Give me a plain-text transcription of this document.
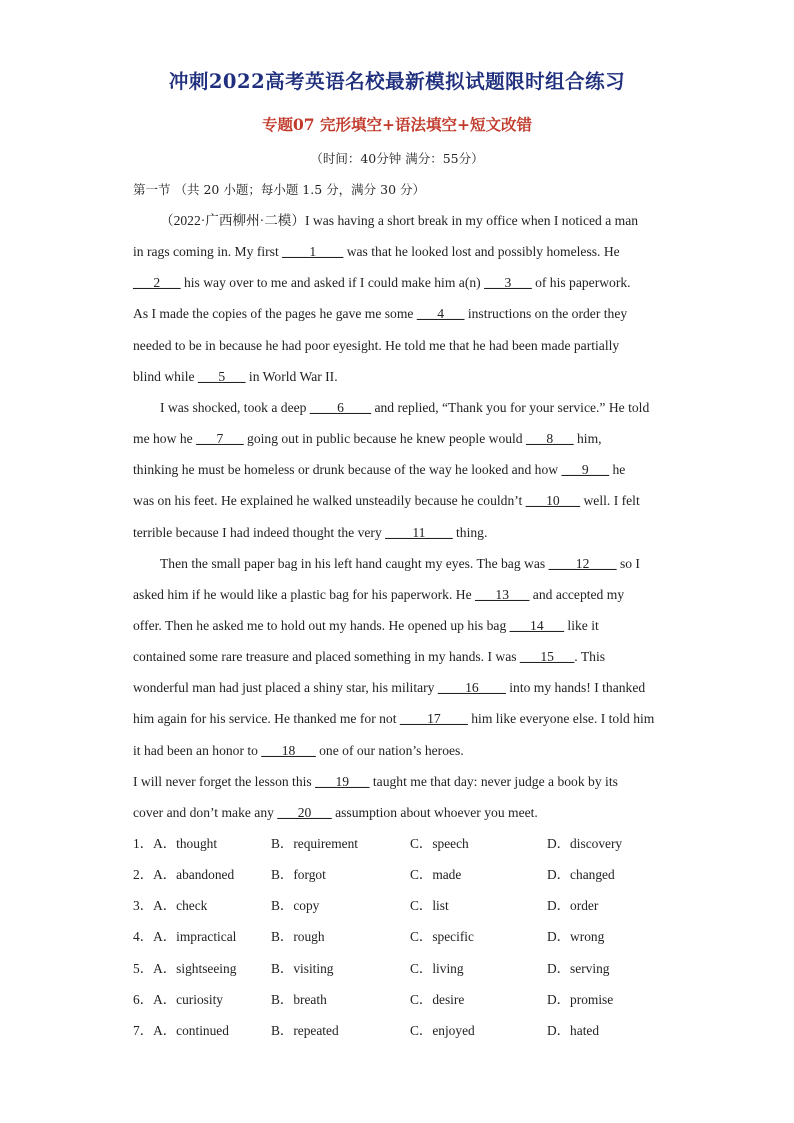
冲刺2022高考英语名校最新模拟试题限时组合练习
专题07 完形填空+语法填空+短文改错
（时间：40分钟 满分：55分）
第一节 （共 20 小题；每小题 1.5 分，满分 30 分）
（2022·广西柳州·二模）I was having a short break in my office when I noticed a man
in rags coming in. My first ____1____ was that he looked lost and possibly homeless. He
___2___ his way over to me and asked if I could make him a(n) ___3___ of his paperwork.
As I made the copies of the pages he gave me some ___4___ instructions on the order they
needed to be in because he had poor eyesight. He told me that he had been made partially
blind while ___5___ in World War II.
I was shocked, took a deep ____6____ and replied, “Thank you for your service.” He told
me how he ___7___ going out in public because he knew people would ___8___ him,
thinking he must be homeless or drunk because of the way he looked and how ___9___ he
was on his feet. He explained he walked unsteadily because he couldn’t ___10___ well. I felt
terrible because I had indeed thought the very ____11____ thing.
Then the small paper bag in his left hand caught my eyes. The bag was ____12____ so I
asked him if he would like a plastic bag for his paperwork. He ___13___ and accepted my
offer. Then he asked me to hold out my hands. He opened up his bag ___14___ like it
contained some rare treasure and placed something in my hands. I was ___15___. This
wonderful man had just placed a shiny star, his military ____16____ into my hands! I thanked
him again for his service. He thanked me for not ____17____ him like everyone else. I told him
it had been an honor to ___18___ one of our nation’s heroes.
I will never forget the lesson this ___19___ taught me that day: never judge a book by its
cover and don’t make any ___20___ assumption about whoever you meet.
1．A．thought	B．requirement	C．speech	D．discovery
2．A．abandoned	B．forgot	C．made	D．changed
3．A．check	B．copy	C．list	D．order
4．A．impractical	B．rough	C．specific	D．wrong
5．A．sightseeing	B．visiting	C．living	D．serving
6．A．curiosity	B．breath	C．desire	D．promise
7．A．continued	B．repeated	C．enjoyed	D．hated
